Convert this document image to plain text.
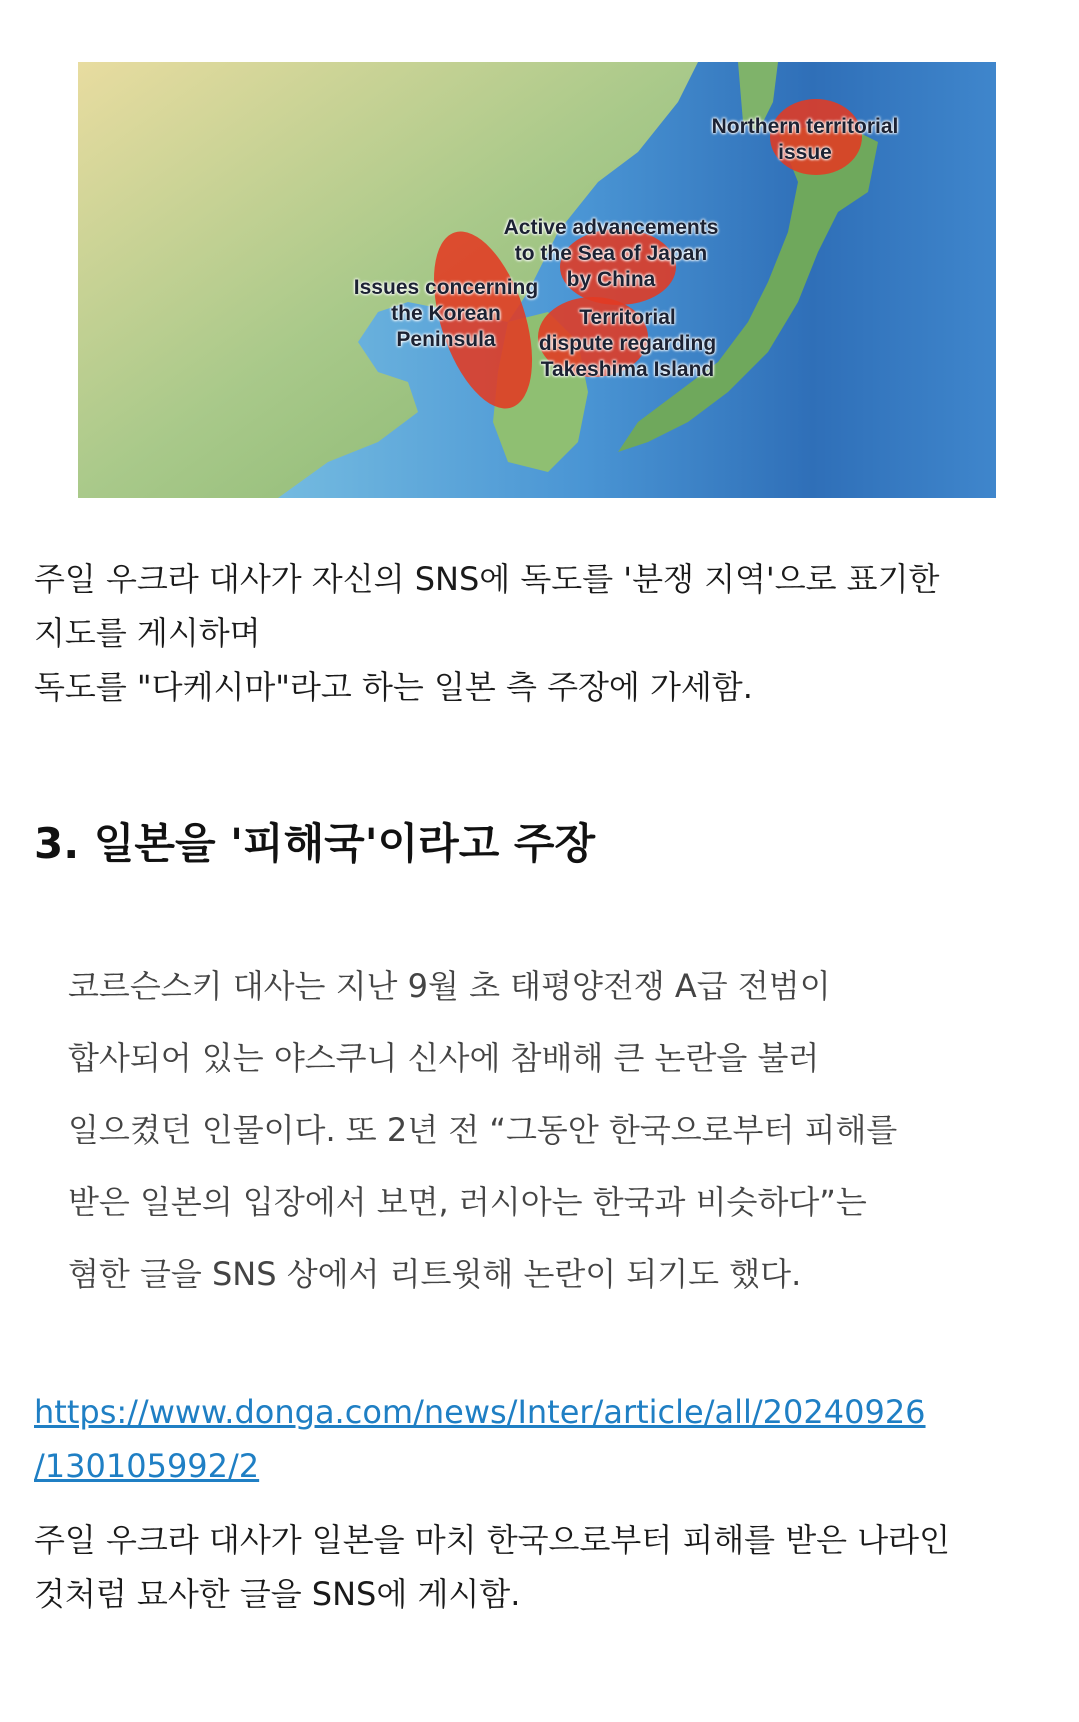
Northern territorial
issue
Active advancements
to the Sea of Japan
by China
Issues concerning
the Korean
Peninsula
Territorial
dispute regarding
Takeshima Island
주일 우크라 대사가 자신의 SNS에 독도를 '분쟁 지역'으로 표기한
지도를 게시하며
독도를 "다케시마"라고 하는 일본 측 주장에 가세함.
3. 일본을 '피해국'이라고 주장
코르슨스키 대사는 지난 9월 초 태평양전쟁 A급 전범이
합사되어 있는 야스쿠니 신사에 참배해 큰 논란을 불러
일으켰던 인물이다. 또 2년 전 “그동안 한국으로부터 피해를
받은 일본의 입장에서 보면, 러시아는 한국과 비슷하다”는
혐한 글을 SNS 상에서 리트윗해 논란이 되기도 했다.
https://www.donga.com/news/Inter/article/all/20240926
/130105992/2
주일 우크라 대사가 일본을 마치 한국으로부터 피해를 받은 나라인
것처럼 묘사한 글을 SNS에 게시함.
